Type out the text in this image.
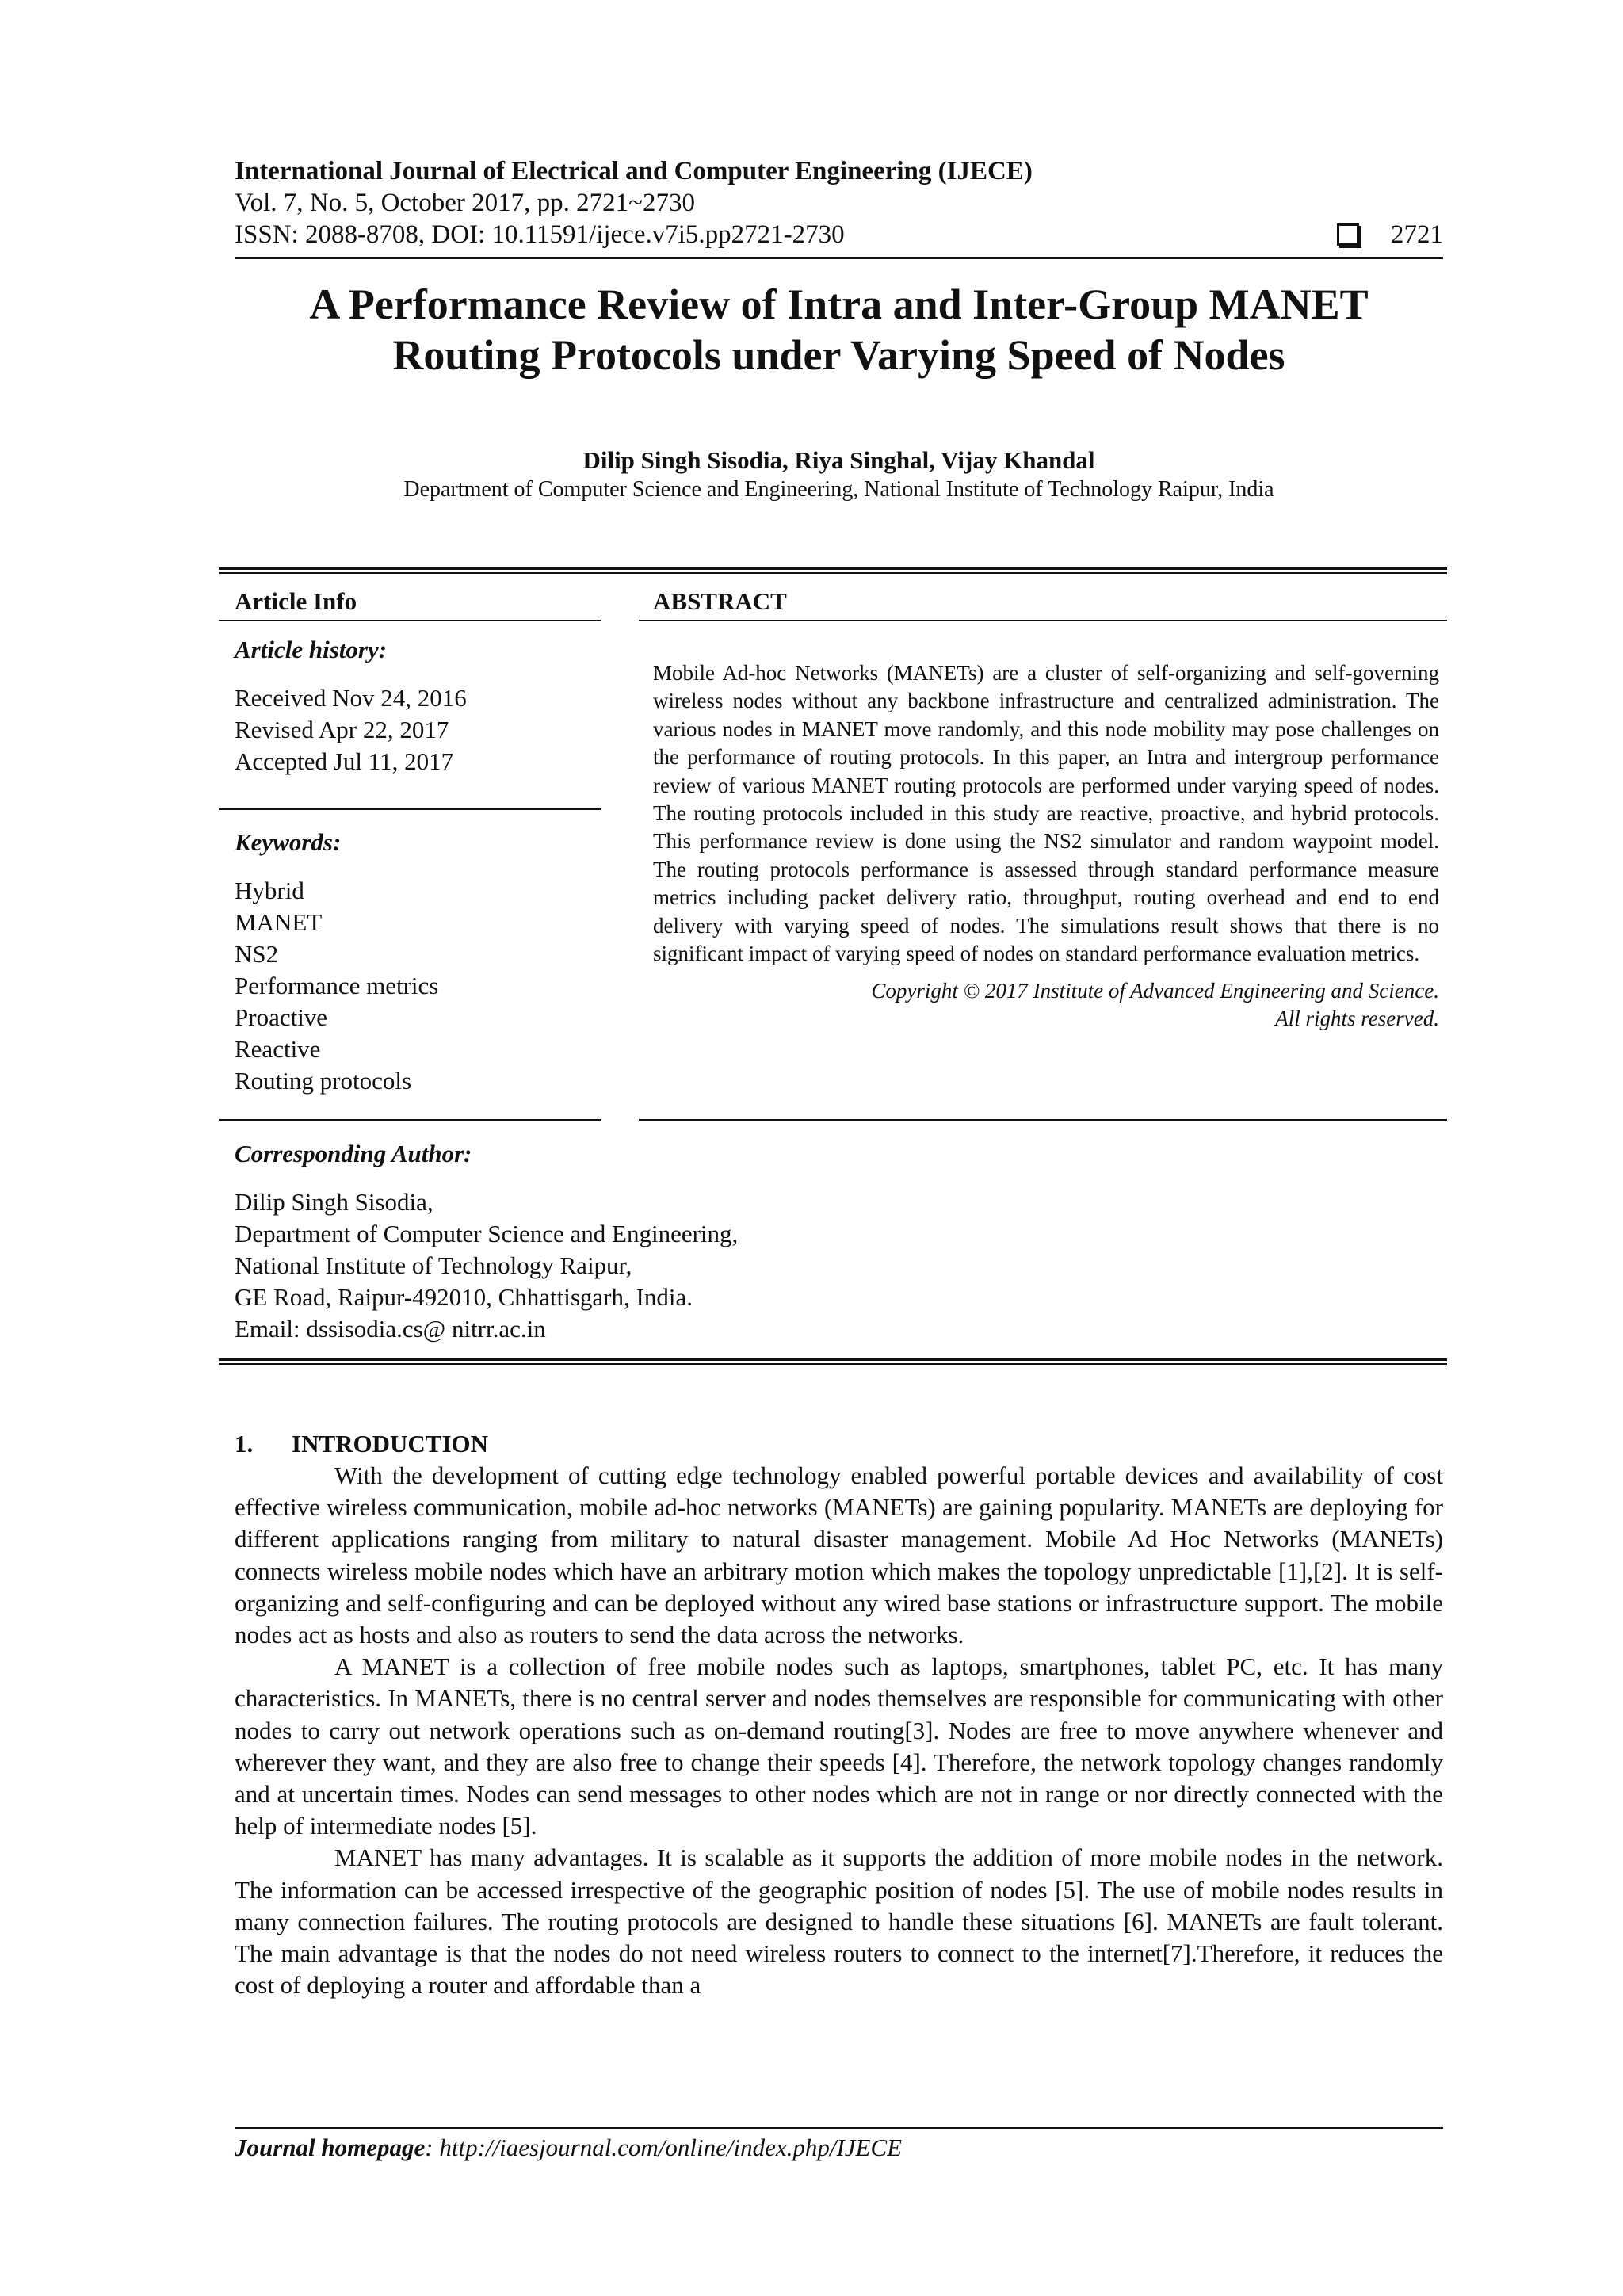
International Journal of Electrical and Computer Engineering (IJECE)
Vol. 7, No. 5, October 2017, pp. 2721~2730
ISSN: 2088-8708, DOI: 10.11591/ijece.v7i5.pp2721-2730	2721
A Performance Review of Intra and Inter-Group MANET
Routing Protocols under Varying Speed of Nodes
Dilip Singh Sisodia, Riya Singhal, Vijay Khandal
Department of Computer Science and Engineering, National Institute of Technology Raipur, India
Article Info
Article history:
Received Nov 24, 2016
Revised Apr 22, 2017
Accepted Jul 11, 2017
Keywords:
Hybrid
MANET
NS2
Performance metrics
Proactive
Reactive
Routing protocols
ABSTRACT
Mobile Ad-hoc Networks (MANETs) are a cluster of self-organizing and self-governing wireless nodes without any backbone infrastructure and centralized administration. The various nodes in MANET move randomly, and this node mobility may pose challenges on the performance of routing protocols. In this paper, an Intra and intergroup performance review of various MANET routing protocols are performed under varying speed of nodes. The routing protocols included in this study are reactive, proactive, and hybrid protocols. This performance review is done using the NS2 simulator and random waypoint model. The routing protocols performance is assessed through standard performance measure metrics including packet delivery ratio, throughput, routing overhead and end to end delivery with varying speed of nodes. The simulations result shows that there is no significant impact of varying speed of nodes on standard performance evaluation metrics.
Copyright © 2017 Institute of Advanced Engineering and Science.
All rights reserved.
Corresponding Author:
Dilip Singh Sisodia,
Department of Computer Science and Engineering,
National Institute of Technology Raipur,
GE Road, Raipur-492010, Chhattisgarh, India.
Email: dssisodia.cs@ nitrr.ac.in
1.	INTRODUCTION

With the development of cutting edge technology enabled powerful portable devices and availability of cost effective wireless communication, mobile ad-hoc networks (MANETs) are gaining popularity. MANETs are deploying for different applications ranging from military to natural disaster management. Mobile Ad Hoc Networks (MANETs) connects wireless mobile nodes which have an arbitrary motion which makes the topology unpredictable [1],[2]. It is self-organizing and self-configuring and can be deployed without any wired base stations or infrastructure support. The mobile nodes act as hosts and also as routers to send the data across the networks.

A MANET is a collection of free mobile nodes such as laptops, smartphones, tablet PC, etc. It has many characteristics. In MANETs, there is no central server and nodes themselves are responsible for communicating with other nodes to carry out network operations such as on-demand routing[3]. Nodes are free to move anywhere whenever and wherever they want, and they are also free to change their speeds [4]. Therefore, the network topology changes randomly and at uncertain times. Nodes can send messages to other nodes which are not in range or nor directly connected with the help of intermediate nodes [5].

MANET has many advantages. It is scalable as it supports the addition of more mobile nodes in the network. The information can be accessed irrespective of the geographic position of nodes [5]. The use of mobile nodes results in many connection failures. The routing protocols are designed to handle these situations [6]. MANETs are fault tolerant. The main advantage is that the nodes do not need wireless routers to connect to the internet[7].Therefore, it reduces the cost of deploying a router and affordable than a

Journal homepage: http://iaesjournal.com/online/index.php/IJECE
